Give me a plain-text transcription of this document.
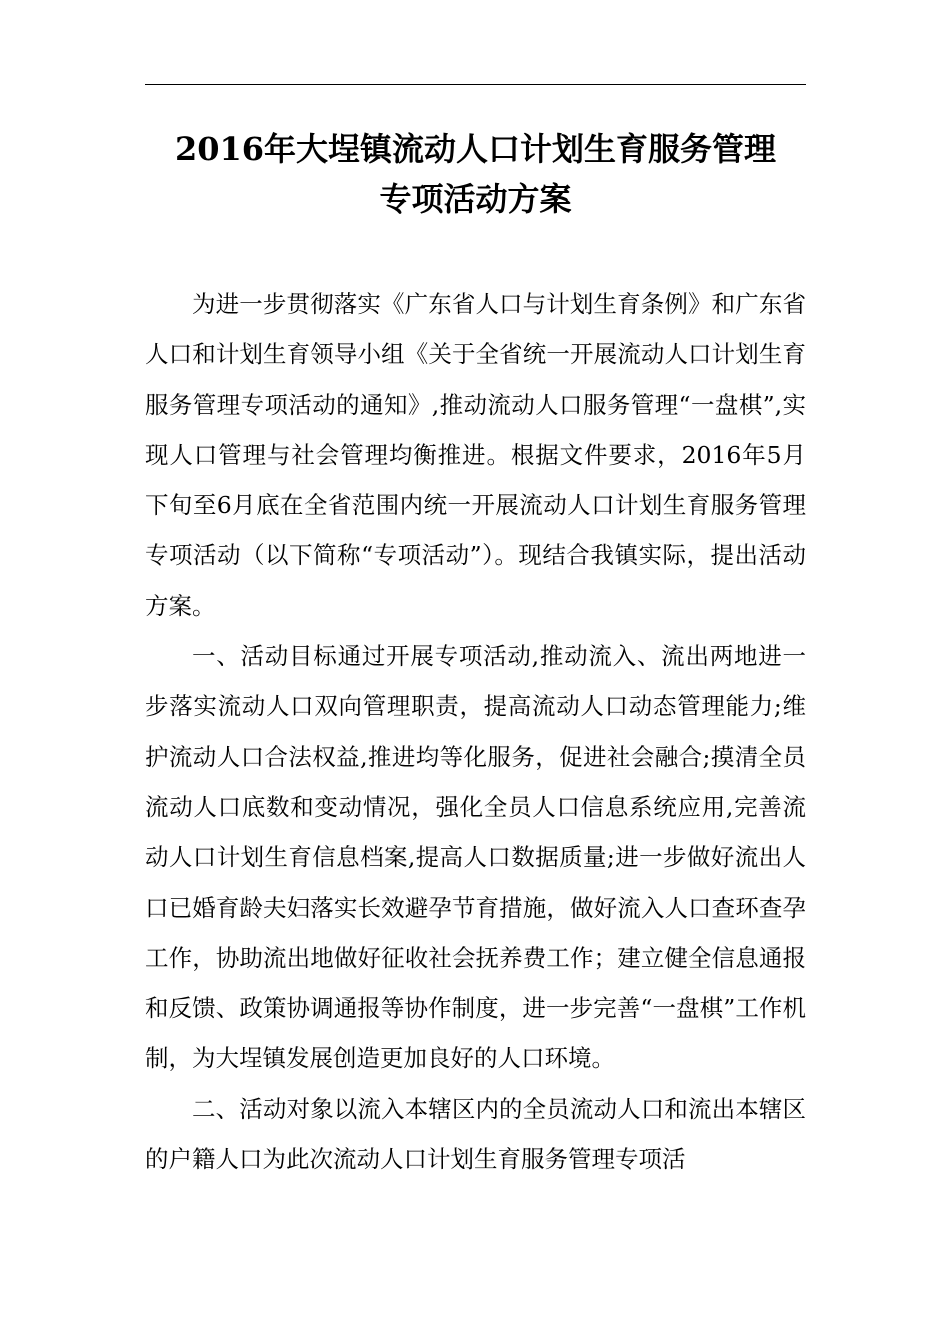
2016年大埕镇流动人口计划生育服务管理
专项活动方案

为进一步贯彻落实《广东省人口与计划生育条例》和广东省人口和计划生育领导小组《关于全省统一开展流动人口计划生育服务管理专项活动的通知》,推动流动人口服务管理“一盘棋”,实现人口管理与社会管理均衡推进。根据文件要求，2016年5月下旬至6月底在全省范围内统一开展流动人口计划生育服务管理专项活动（以下简称“专项活动”）。现结合我镇实际，提出活动方案。

一、活动目标通过开展专项活动,推动流入、流出两地进一步落实流动人口双向管理职责，提高流动人口动态管理能力;维护流动人口合法权益,推进均等化服务，促进社会融合;摸清全员流动人口底数和变动情况，强化全员人口信息系统应用,完善流动人口计划生育信息档案,提高人口数据质量;进一步做好流出人口已婚育龄夫妇落实长效避孕节育措施，做好流入人口查环查孕工作，协助流出地做好征收社会抚养费工作；建立健全信息通报和反馈、政策协调通报等协作制度，进一步完善“一盘棋”工作机制，为大埕镇发展创造更加良好的人口环境。

二、活动对象以流入本辖区内的全员流动人口和流出本辖区的户籍人口为此次流动人口计划生育服务管理专项活
